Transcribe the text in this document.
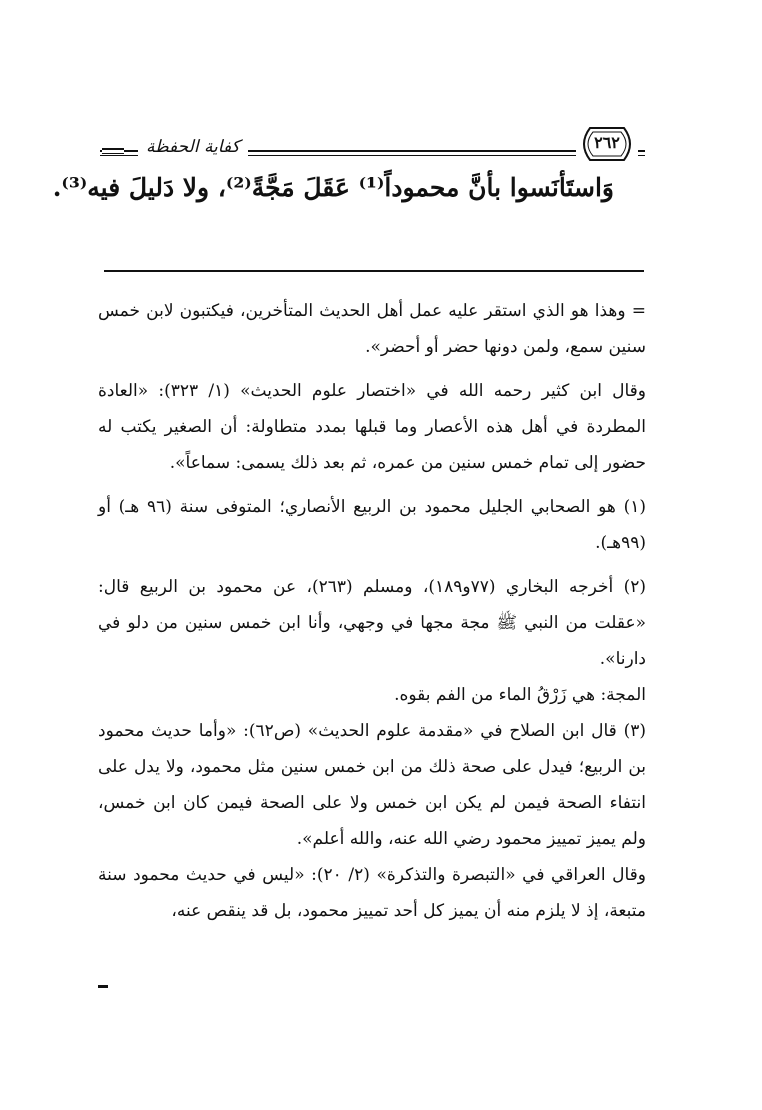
كفاية الحفظة	٢٦٢
وَاستَأنَسوا بأنَّ محموداً⁽¹⁾ عَقَلَ مَجَّةً⁽²⁾، ولا دَليلَ فيه⁽³⁾.

= وهذا هو الذي استقر عليه عمل أهل الحديث المتأخرين، فيكتبون لابن خمس سنين سمع، ولمن دونها حضر أو أحضر».

وقال ابن كثير رحمه الله في «اختصار علوم الحديث» (١/ ٣٢٣): «العادة المطردة في أهل هذه الأعصار وما قبلها بمدد متطاولة: أن الصغير يكتب له حضور إلى تمام خمس سنين من عمره، ثم بعد ذلك يسمى: سماعاً».

(١) هو الصحابي الجليل محمود بن الربيع الأنصاري؛ المتوفى سنة (٩٦ هـ) أو (٩٩هـ).

(٢) أخرجه البخاري (٧٧و١٨٩)، ومسلم (٢٦٣)، عن محمود بن الربيع قال: «عقلت من النبي ﷺ مجة مجها في وجهي، وأنا ابن خمس سنين من دلو في دارنا».

المجة: هي زَرْقُ الماء من الفم بقوه.

(٣) قال ابن الصلاح في «مقدمة علوم الحديث» (ص٦٢): «وأما حديث محمود بن الربيع؛ فيدل على صحة ذلك من ابن خمس سنين مثل محمود، ولا يدل على انتفاء الصحة فيمن لم يكن ابن خمس ولا على الصحة فيمن كان ابن خمس، ولم يميز تمييز محمود رضي الله عنه، والله أعلم».

وقال العراقي في «التبصرة والتذكرة» (٢/ ٢٠): «ليس في حديث محمود سنة متبعة، إذ لا يلزم منه أن يميز كل أحد تمييز محمود، بل قد ينقص عنه،
